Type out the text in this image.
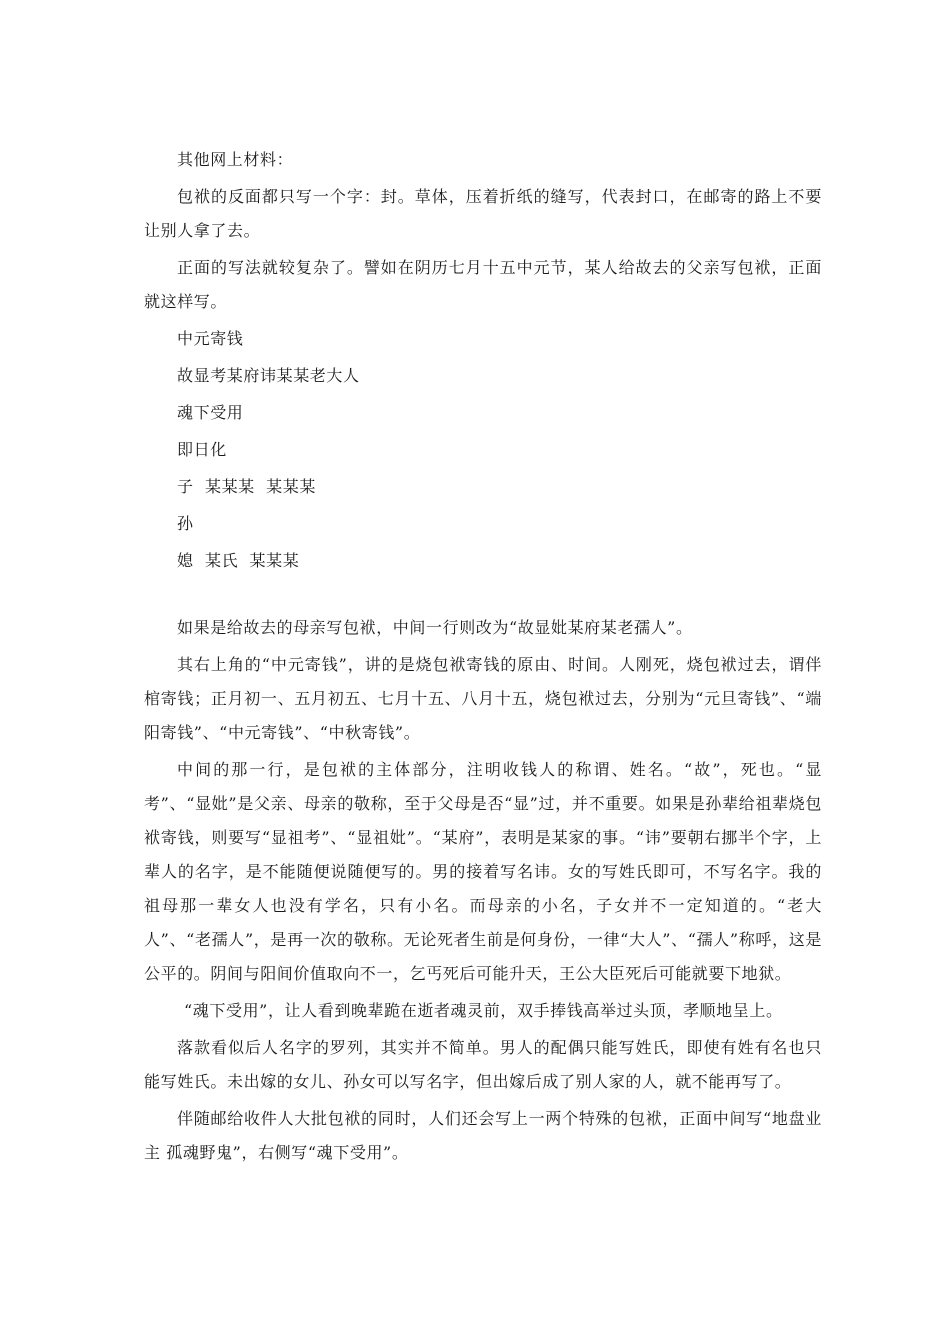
其他网上材料：

包袱的反面都只写一个字：封。草体，压着折纸的缝写，代表封口，在邮寄的路上不要让别人拿了去。

正面的写法就较复杂了。譬如在阴历七月十五中元节，某人给故去的父亲写包袱，正面就这样写。

中元寄钱
故显考某府讳某某老大人
魂下受用
即日化
子  某某某  某某某
孙
媳  某氏  某某某

如果是给故去的母亲写包袱，中间一行则改为“故显妣某府某老孺人”。

其右上角的“中元寄钱”，讲的是烧包袱寄钱的原由、时间。人刚死，烧包袱过去，谓伴棺寄钱；正月初一、五月初五、七月十五、八月十五，烧包袱过去，分别为“元旦寄钱”、“端阳寄钱”、“中元寄钱”、“中秋寄钱”。

中间的那一行，是包袱的主体部分，注明收钱人的称谓、姓名。“故”，死也。“显考”、“显妣”是父亲、母亲的敬称，至于父母是否“显”过，并不重要。如果是孙辈给祖辈烧包袱寄钱，则要写“显祖考”、“显祖妣”。“某府”，表明是某家的事。“讳”要朝右挪半个字，上辈人的名字，是不能随便说随便写的。男的接着写名讳。女的写姓氏即可，不写名字。我的祖母那一辈女人也没有学名，只有小名。而母亲的小名，子女并不一定知道的。“老大人”、“老孺人”，是再一次的敬称。无论死者生前是何身份，一律“大人”、“孺人”称呼，这是公平的。阴间与阳间价值取向不一，乞丐死后可能升天，王公大臣死后可能就要下地狱。

“魂下受用”，让人看到晚辈跪在逝者魂灵前，双手捧钱高举过头顶，孝顺地呈上。

落款看似后人名字的罗列，其实并不简单。男人的配偶只能写姓氏，即使有姓有名也只能写姓氏。未出嫁的女儿、孙女可以写名字，但出嫁后成了别人家的人，就不能再写了。

伴随邮给收件人大批包袱的同时，人们还会写上一两个特殊的包袱，正面中间写“地盘业主 孤魂野鬼”，右侧写“魂下受用”。
